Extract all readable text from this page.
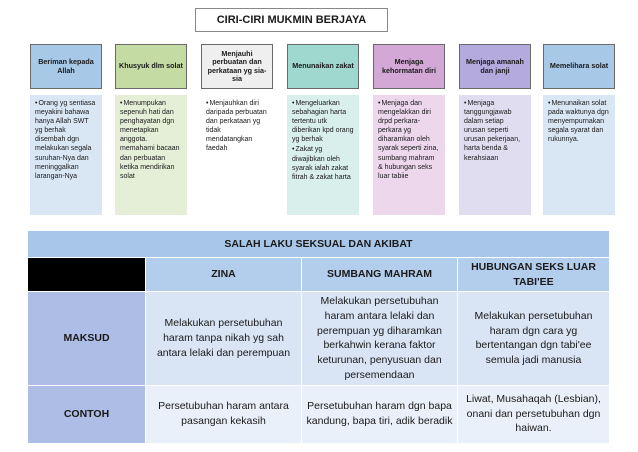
CIRI-CIRI MUKMIN BERJAYA
Beriman kepada Allah
• Orang yg sentiasa meyakini bahawa hanya Allah SWT yg berhak disembah dgn melakukan segala suruhan-Nya dan meninggalkan larangan-Nya
Khusyuk dlm solat
• Menumpukan sepenuh hati dan penghayatan dgn menetapkan anggota. memahami bacaan dan perbuatan ketika mendirikan solat
Menjauhi perbuatan dan perkataan yg sia-sia
• Menjauhkan diri daripada perbuatan dan perkataan yg tidak mendatangkan faedah
Menunaikan zakat
• Mengeluarkan sebahagian harta tertentu utk diberikan kpd orang yg berhak
• Zakat yg diwajibkan oleh syarak ialah zakat fitrah & zakat harta
Menjaga kehormatan diri
• Menjaga dan mengelakkan diri drpd perkara-perkara yg diharamkan oleh syarak seperti zina, sumbang mahram & hubungan seks luar tabiie
Menjaga amanah dan janji
• Menjaga tanggungjawab dalam setiap urusan seperti urusan pekerjaan, harta benda & kerahsiaan
Memelihara solat
• Menunaikan solat pada waktunya dgn menyempurnakan segala syarat dan rukunnya.
SALAH LAKU SEKSUAL DAN AKIBAT			
	ZINA	SUMBANG MAHRAM	HUBUNGAN SEKS LUAR TABI'EE
MAKSUD	Melakukan persetubuhan haram tanpa nikah yg sah antara lelaki dan perempuan	Melakukan persetubuhan haram antara lelaki dan perempuan yg diharamkan berkahwin kerana faktor keturunan, penyusuan dan persemendaan	Melakukan persetubuhan haram dgn cara yg bertentangan dgn tabi'ee semula jadi manusia
CONTOH	Persetubuhan haram antara pasangan kekasih	Persetubuhan haram dgn bapa kandung, bapa tiri, adik beradik	Liwat, Musahaqah (Lesbian), onani dan persetubuhan dgn haiwan.
